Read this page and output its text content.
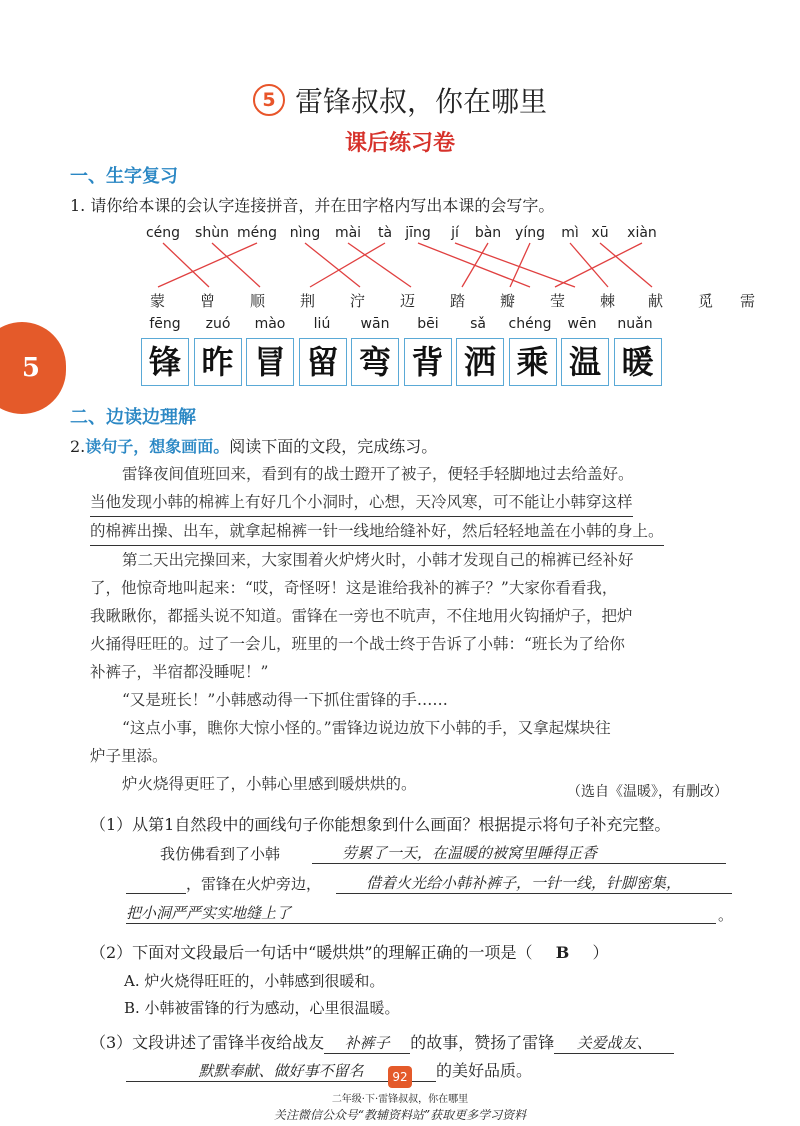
5 雷锋叔叔，你在哪里
课后练习卷
5
一、生字复习
1. 请你给本课的会认字连接拼音，并在田字格内写出本课的会写字。
céng shùn méng nìng	mài	tà jīng	jí	bàn yíng	mì xū	xiàn
蒙 曾 顺 荆 泞 迈 踏 瓣 莹 棘 献 觅 需
fēng	zuó	mào	liú	wān	bēi	sǎ	chéng	wēn	nuǎn
锋 昨 冒 留 弯 背 洒 乘 温 暖
二、边读边理解
2.读句子，想象画面。阅读下面的文段，完成练习。
雷锋夜间值班回来，看到有的战士蹬开了被子，便轻手轻脚地过去给盖好。
当他发现小韩的棉裤上有好几个小洞时，心想，天冷风寒，可不能让小韩穿这样 的棉裤出操、出车，就拿起棉裤一针一线地给缝补好，然后轻轻地盖在小韩的身上。
第二天出完操回来，大家围着火炉烤火时，小韩才发现自己的棉裤已经补好
了，他惊奇地叫起来：“哎，奇怪呀！这是谁给我补的裤子？”大家你看看我，
我瞅瞅你，都摇头说不知道。雷锋在一旁也不吭声，不住地用火钩捅炉子，把炉
火捅得旺旺的。过了一会儿，班里的一个战士终于告诉了小韩：“班长为了给你
补裤子，半宿都没睡呢！”
“又是班长！”小韩感动得一下抓住雷锋的手……
“这点小事，瞧你大惊小怪的。”雷锋边说边放下小韩的手，又拿起煤块往
炉子里添。
炉火烧得更旺了，小韩心里感到暖烘烘的。	（选自《温暖》，有删改）
（1）从第1自然段中的画线句子你能想象到什么画面？根据提示将句子补充完整。
我仿佛看到了小韩	劳累了一天，在温暖的被窝里睡得正香
，雷锋在火炉旁边，	借着火光给小韩补裤子，一针一线，针脚密集，
把小洞严严实实地缝上了	。
（2）下面对文段最后一句话中“暖烘烘”的理解正确的一项是（ B ）
A. 炉火烧得旺旺的，小韩感到很暖和。
B. 小韩被雷锋的行为感动，心里很温暖。
（3）文段讲述了雷锋半夜给战友 补裤子 的故事，赞扬了雷锋 关爱战友、
默默奉献、做好事不留名	的美好品质。
92
二年级·下·雷锋叔叔，你在哪里
关注微信公众号“教辅资料站”获取更多学习资料
